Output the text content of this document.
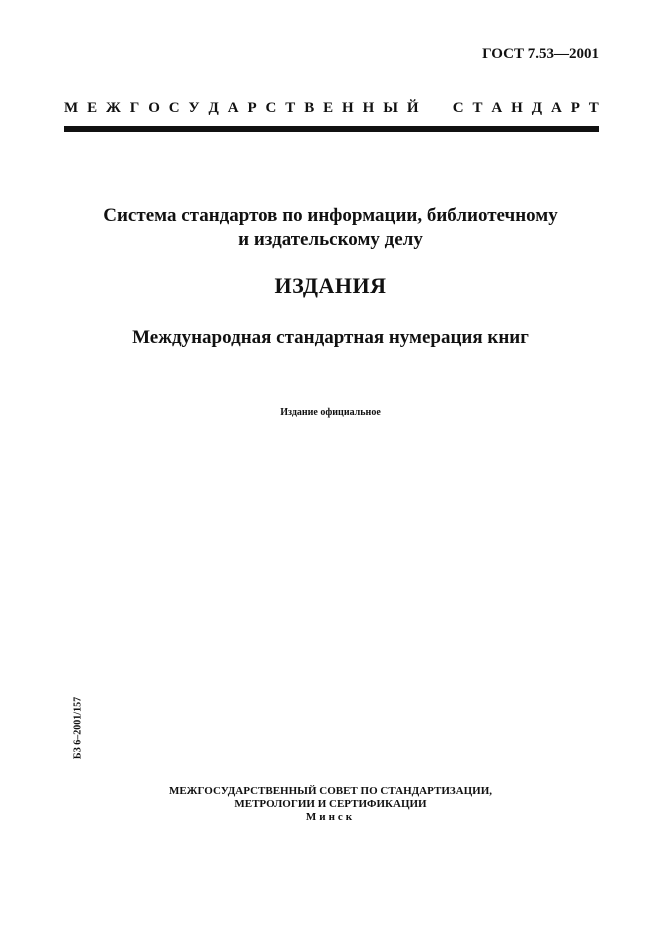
ГОСТ 7.53—2001
М Е Ж Г О С У Д А Р С Т В Е Н Н Ы Й

С Т А Н Д А Р Т
Система стандартов по информации, библиотечному
и издательскому делу
ИЗДАНИЯ
Международная стандартная нумерация книг
Издание официальное
БЗ 6–2001/157
МЕЖГОСУДАРСТВЕННЫЙ СОВЕТ ПО СТАНДАРТИЗАЦИИ,
МЕТРОЛОГИИ И СЕРТИФИКАЦИИ
Минск
